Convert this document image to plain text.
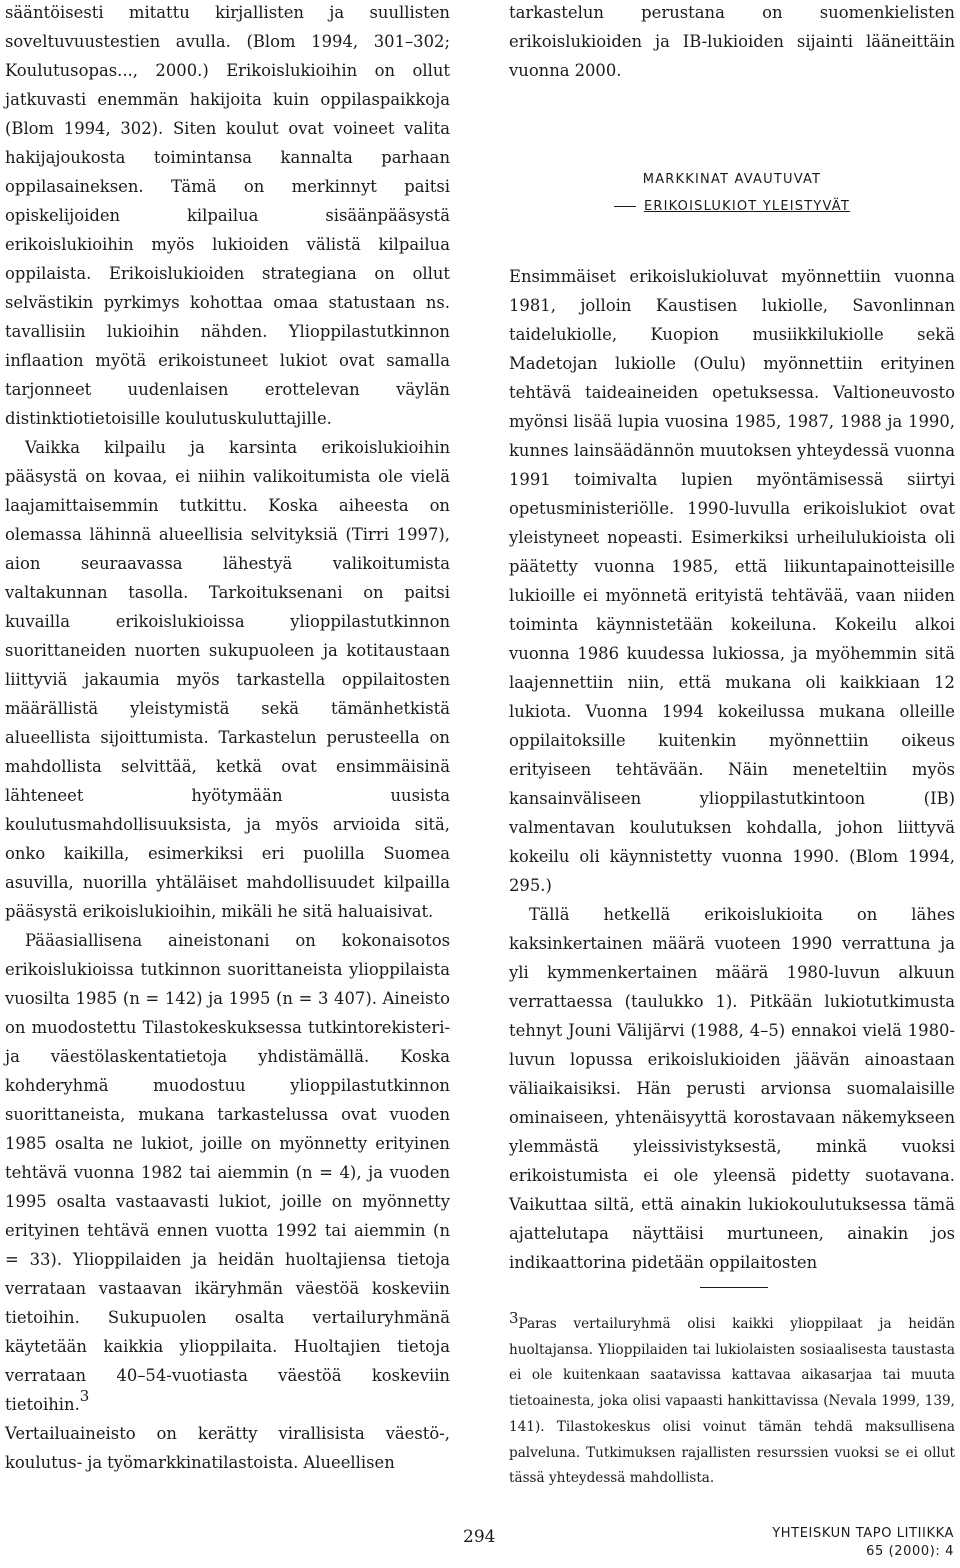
sääntöisesti mitattu kirjallisten ja suullisten soveltuvuustestien avulla. (Blom 1994, 301–302; Koulutusopas..., 2000.) Erikoislukioihin on ollut jatkuvasti enemmän hakijoita kuin oppilaspaikkoja (Blom 1994, 302). Siten koulut ovat voineet valita hakijajoukosta toimintansa kannalta parhaan oppilasaineksen. Tämä on merkinnyt paitsi opiskelijoiden kilpailua sisäänpääsystä erikoislukioihin myös lukioiden välistä kilpailua oppilaista. Erikoislukioiden strategiana on ollut selvästikin pyrkimys kohottaa omaa statustaan ns. tavallisiin lukioihin nähden. Ylioppilastutkinnon inflaation myötä erikoistuneet lukiot ovat samalla tarjonneet uudenlaisen erottelevan väylän distinktiotietoisille koulutuskuluttajille.

Vaikka kilpailu ja karsinta erikoislukioihin pääsystä on kovaa, ei niihin valikoitumista ole vielä laajamittaisemmin tutkittu. Koska aiheesta on olemassa lähinnä alueellisia selvityksiä (Tirri 1997), aion seuraavassa lähestyä valikoitumista valtakunnan tasolla. Tarkoituksenani on paitsi kuvailla erikoislukioissa ylioppilastutkinnon suorittaneiden nuorten sukupuoleen ja kotitaustaan liittyviä jakaumia myös tarkastella oppilaitosten määrällistä yleistymistä sekä tämänhetkistä alueellista sijoittumista. Tarkastelun perusteella on mahdollista selvittää, ketkä ovat ensimmäisinä lähteneet hyötymään uusista koulutusmahdollisuuksista, ja myös arvioida sitä, onko kaikilla, esimerkiksi eri puolilla Suomea asuvilla, nuorilla yhtäläiset mahdollisuudet kilpailla pääsystä erikoislukioihin, mikäli he sitä haluaisivat.

Pääasiallisena aineistonani on kokonaisotos erikoislukioissa tutkinnon suorittaneista ylioppilaista vuosilta 1985 (n = 142) ja 1995 (n = 3 407). Aineisto on muodostettu Tilastokeskuksessa tutkintorekisteri- ja väestölaskentatietoja yhdistämällä. Koska kohderyhmä muodostuu ylioppilastutkinnon suorittaneista, mukana tarkastelussa ovat vuoden 1985 osalta ne lukiot, joille on myönnetty erityinen tehtävä vuonna 1982 tai aiemmin (n = 4), ja vuoden 1995 osalta vastaavasti lukiot, joille on myönnetty erityinen tehtävä ennen vuotta 1992 tai aiemmin (n = 33). Ylioppilaiden ja heidän huoltajiensa tietoja verrataan vastaavan ikäryhmän väestöä koskeviin tietoihin. Sukupuolen osalta vertailuryhmänä käytetään kaikkia ylioppilaita. Huoltajien tietoja verrataan 40–54-vuotiasta väestöä koskeviin tietoihin.3
Vertailuaineisto on kerätty virallisista väestö-, koulutus- ja työmarkkinatilastoista. Alueellisen

tarkastelun perustana on suomenkielisten erikoislukioiden ja IB-lukioiden sijainti lääneittäin vuonna 2000.

MARKKINAT AVAUTUVAT
ERIKOISLUKIOT YLEISTYVÄT

Ensimmäiset erikoislukioluvat myönnettiin vuonna 1981, jolloin Kaustisen lukiolle, Savonlinnan taidelukiolle, Kuopion musiikkilukiolle sekä Madetojan lukiolle (Oulu) myönnettiin erityinen tehtävä taideaineiden opetuksessa. Valtioneuvosto myönsi lisää lupia vuosina 1985, 1987, 1988 ja 1990, kunnes lainsäädännön muutoksen yhteydessä vuonna 1991 toimivalta lupien myöntämisessä siirtyi opetusministeriölle. 1990-luvulla erikoislukiot ovat yleistyneet nopeasti. Esimerkiksi urheilulukioista oli päätetty vuonna 1985, että liikuntapainotteisille lukioille ei myönnetä erityistä tehtävää, vaan niiden toiminta käynnistetään kokeiluna. Kokeilu alkoi vuonna 1986 kuudessa lukiossa, ja myöhemmin sitä laajennettiin niin, että mukana oli kaikkiaan 12 lukiota. Vuonna 1994 kokeilussa mukana olleille oppilaitoksille kuitenkin myönnettiin oikeus erityiseen tehtävään. Näin meneteltiin myös kansainväliseen ylioppilastutkintoon (IB) valmentavan koulutuksen kohdalla, johon liittyvä kokeilu oli käynnistetty vuonna 1990. (Blom 1994, 295.)

Tällä hetkellä erikoislukioita on lähes kaksinkertainen määrä vuoteen 1990 verrattuna ja yli kymmenkertainen määrä 1980-luvun alkuun verrattaessa (taulukko 1). Pitkään lukiotutkimusta tehnyt Jouni Välijärvi (1988, 4–5) ennakoi vielä 1980-luvun lopussa erikoislukioiden jäävän ainoastaan väliaikaisiksi. Hän perusti arvionsa suomalaisille ominaiseen, yhtenäisyyttä korostavaan näkemykseen ylemmästä yleissivistyksestä, minkä vuoksi erikoistumista ei ole yleensä pidetty suotavana. Vaikuttaa siltä, että ainakin lukiokoulutuksessa tämä ajattelutapa näyttäisi murtuneen, ainakin jos indikaattorina pidetään oppilaitosten

3Paras vertailuryhmä olisi kaikki ylioppilaat ja heidän huoltajansa. Ylioppilaiden tai lukiolaisten sosiaalisesta taustasta ei ole kuitenkaan saatavissa kattavaa aikasarjaa tai muuta tietoainesta, joka olisi vapaasti hankittavissa (Nevala 1999, 139, 141). Tilastokeskus olisi voinut tämän tehdä maksullisena palveluna. Tutkimuksen rajallisten resurssien vuoksi se ei ollut tässä yhteydessä mahdollista.

294	YHTEISKUN TAPO LITIIKKA
65 (2000): 4
